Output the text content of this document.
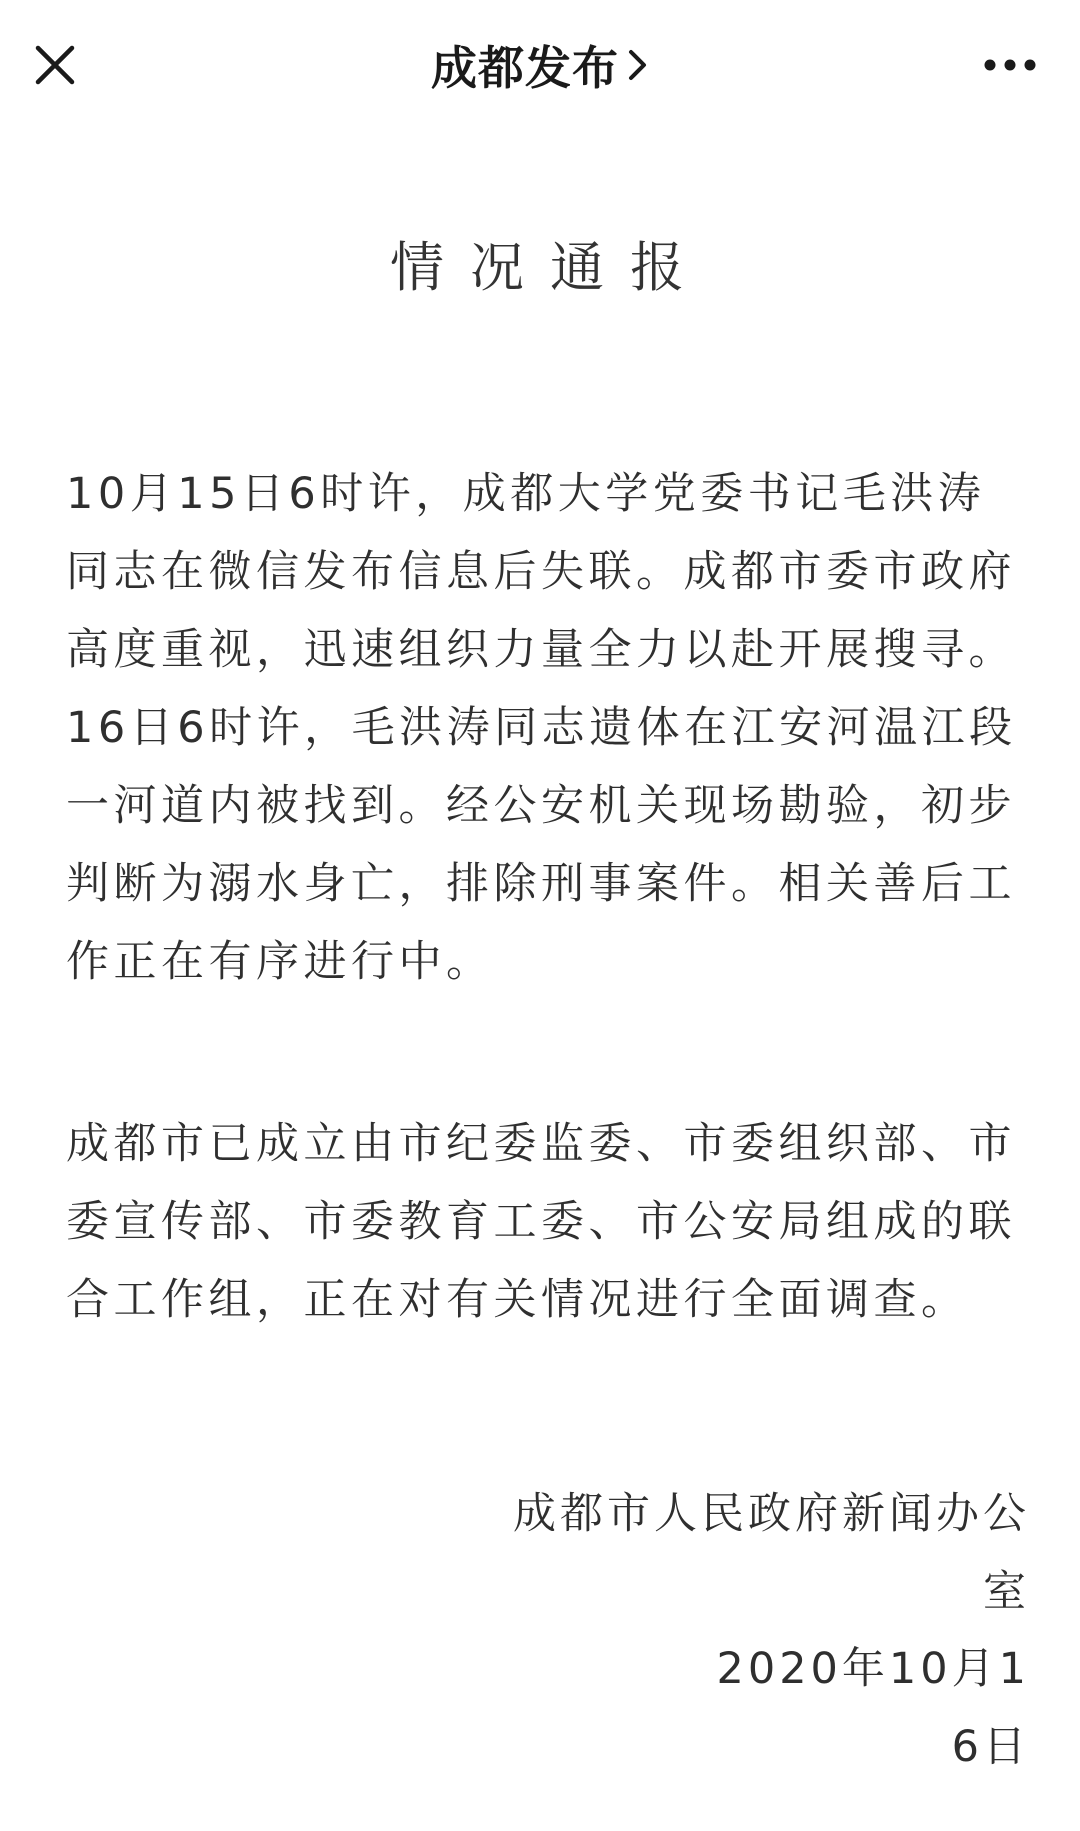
成都发布
情况通报

10月15日6时许，成都大学党委书记毛洪涛同志在微信发布信息后失联。成都市委市政府高度重视，迅速组织力量全力以赴开展搜寻。16日6时许，毛洪涛同志遗体在江安河温江段一河道内被找到。经公安机关现场勘验，初步判断为溺水身亡，排除刑事案件。相关善后工作正在有序进行中。

成都市已成立由市纪委监委、市委组织部、市委宣传部、市委教育工委、市公安局组成的联合工作组，正在对有关情况进行全面调查。

成都市人民政府新闻办公室
2020年10月16日
